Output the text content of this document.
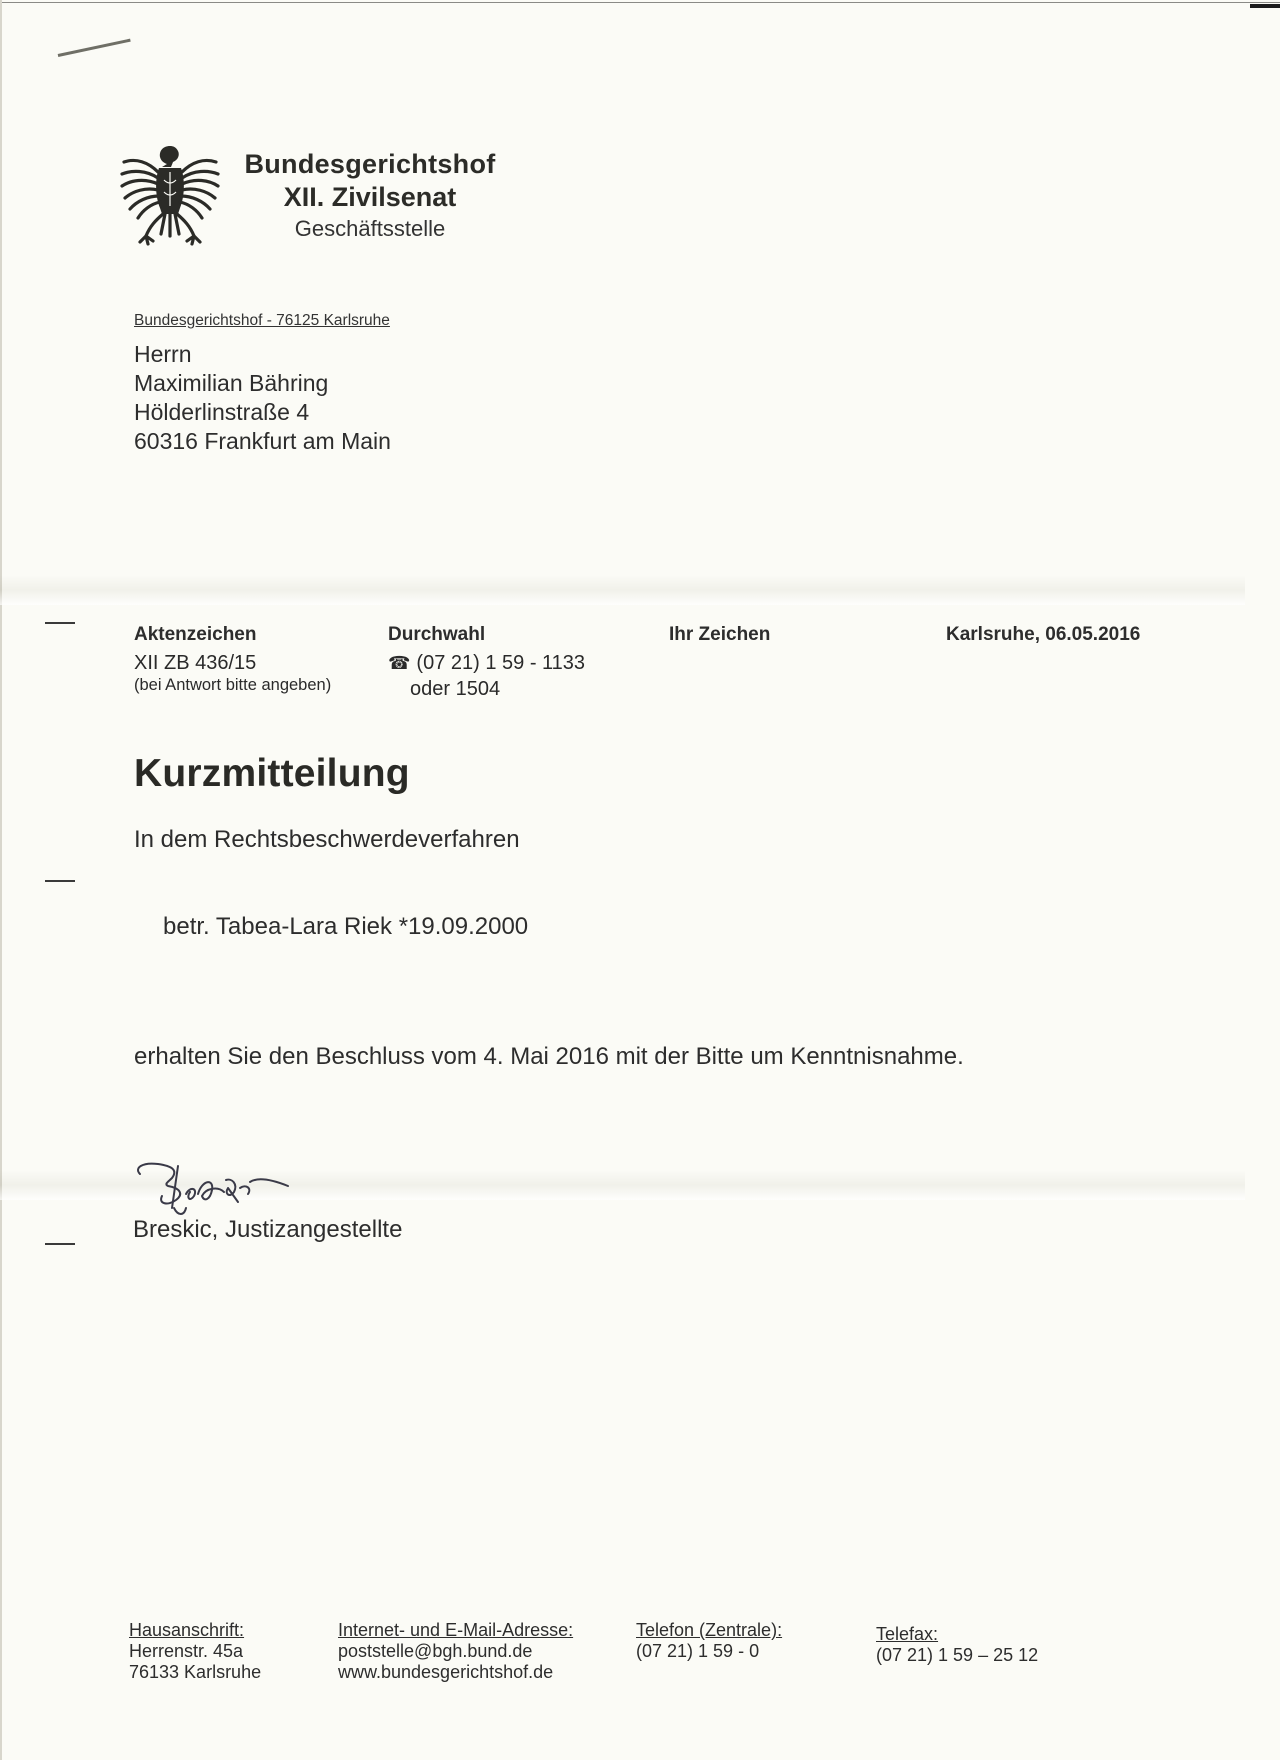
Bundesgerichtshof
XII. Zivilsenat
Geschäftsstelle
Bundesgerichtshof - 76125 Karlsruhe
Herrn
Maximilian Bähring
Hölderlinstraße 4
60316 Frankfurt am Main
Aktenzeichen
XII ZB 436/15
(bei Antwort bitte angeben)
Durchwahl
☎ (07 21) 1 59 - 1133
oder 1504
Ihr Zeichen	Karlsruhe, 06.05.2016
Kurzmitteilung
In dem Rechtsbeschwerdeverfahren
betr. Tabea-Lara Riek *19.09.2000
erhalten Sie den Beschluss vom 4. Mai 2016 mit der Bitte um Kenntnisnahme.
Breskic, Justizangestellte
Hausanschrift:
Herrenstr. 45a
76133 Karlsruhe
Internet- und E-Mail-Adresse:
poststelle@bgh.bund.de
www.bundesgerichtshof.de
Telefon (Zentrale):
(07 21) 1 59 - 0
Telefax:
(07 21) 1 59 – 25 12
